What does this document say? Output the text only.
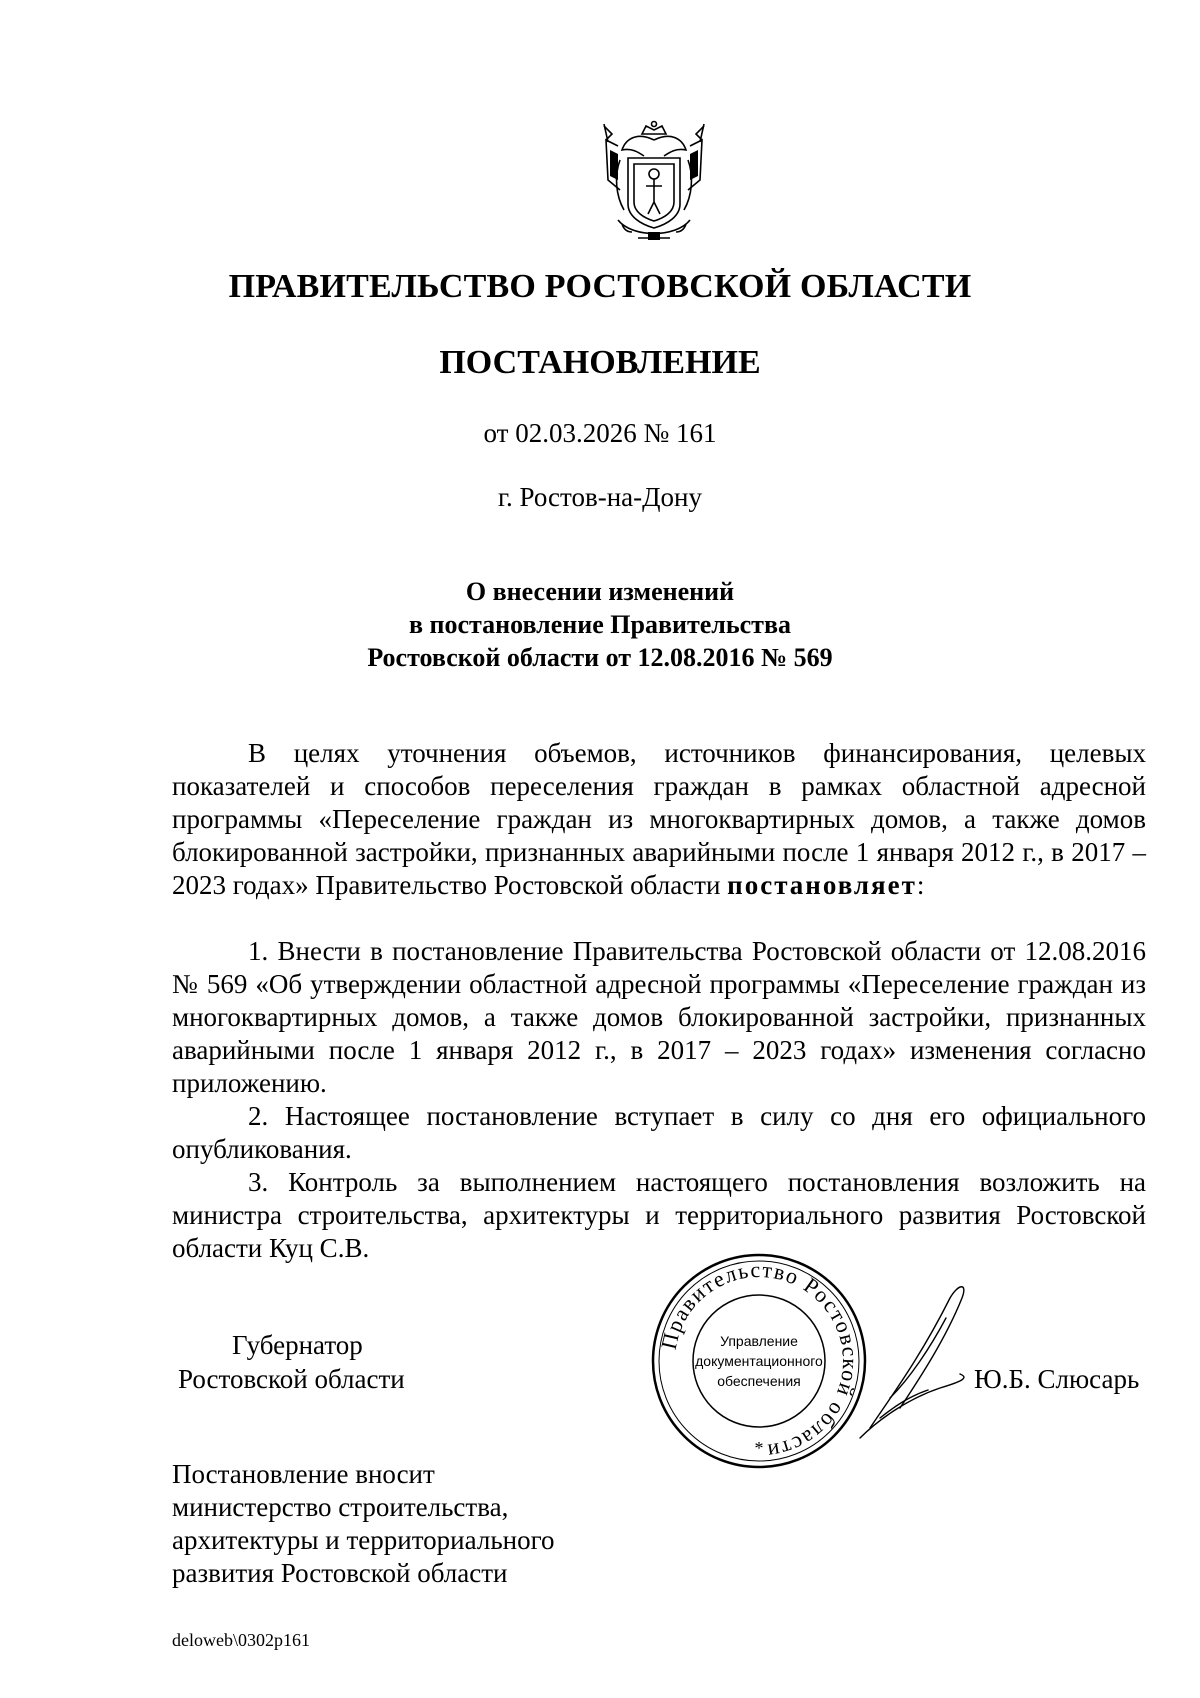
ПРАВИТЕЛЬСТВО РОСТОВСКОЙ ОБЛАСТИ
ПОСТАНОВЛЕНИЕ
от 02.03.2026 № 161
г. Ростов-на-Дону
О внесении изменений
в постановление Правительства
Ростовской области от 12.08.2016 № 569
В целях уточнения объемов, источников финансирования, целевых показателей и способов переселения граждан в рамках областной адресной программы «Переселение граждан из многоквартирных домов, а также домов блокированной застройки, признанных аварийными после 1 января 2012 г., в 2017 – 2023 годах» Правительство Ростовской области постановляет:
1. Внести в постановление Правительства Ростовской области от 12.08.2016 № 569 «Об утверждении областной адресной программы «Переселение граждан из многоквартирных домов, а также домов блокированной застройки, признанных аварийными после 1 января 2012 г., в 2017 – 2023 годах» изменения согласно приложению.
2. Настоящее постановление вступает в силу со дня его официального опубликования.
3. Контроль за выполнением настоящего постановления возложить на министра строительства, архитектуры и территориального развития Ростовской области Куц С.В.
Губернатор
Ростовской области	Ю.Б. Слюсарь
Правительство Ростовской области
Управление
документационного
обеспечения
*
Постановление вносит
министерство строительства,
архитектуры и территориального
развития Ростовской области
deloweb\0302p161
